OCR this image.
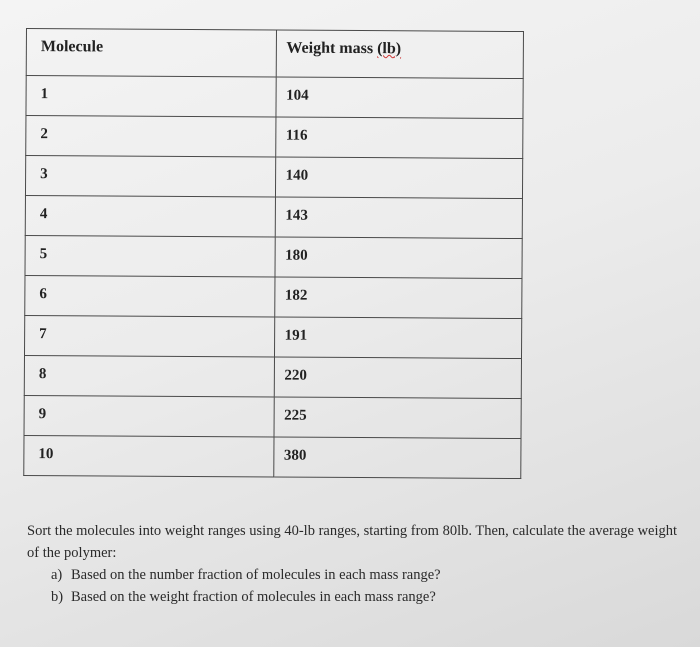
Molecule	Weight mass (lb)

1	104

2	116

3	140

4	143

5	180

6	182

7	191

8	220

9	225

10	380

Sort the molecules into weight ranges using 40-lb ranges, starting from 80lb. Then, calculate the average weight of the polymer:

a) Based on the number fraction of molecules in each mass range?
b) Based on the weight fraction of molecules in each mass range?
